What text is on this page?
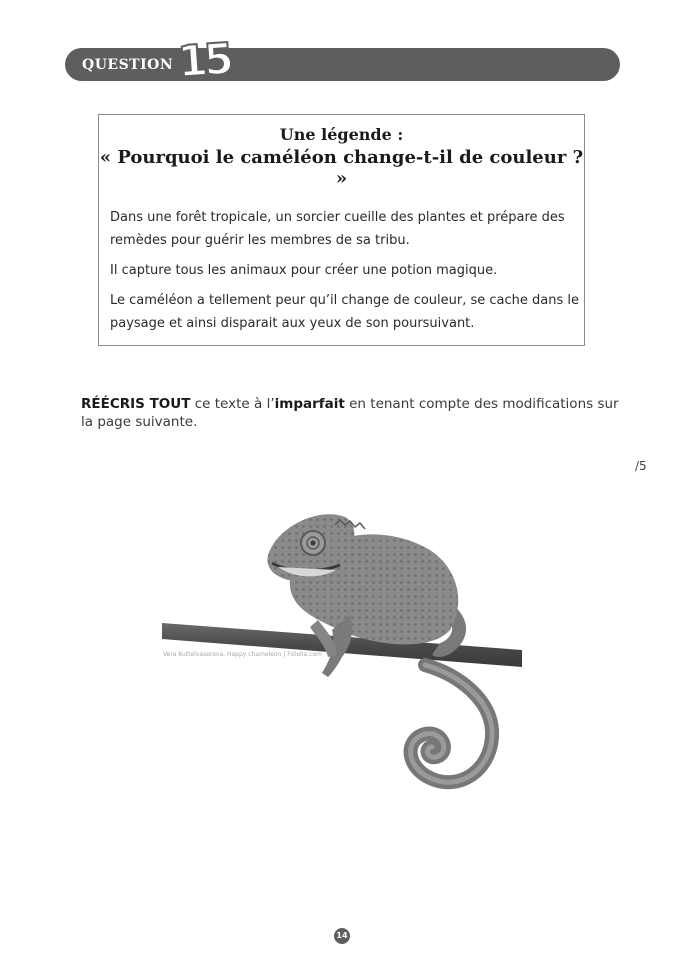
QUESTION 15
Une légende :
« Pourquoi le caméléon change-t-il de couleur ? »
Dans une forêt tropicale, un sorcier cueille des plantes et prépare des remèdes pour guérir les membres de sa tribu.
Il capture tous les animaux pour créer une potion magique.
Le caméléon a tellement peur qu’il change de couleur, se cache dans le paysage et ainsi disparait aux yeux de son poursuivant.
RÉÉCRIS TOUT ce texte à l’imparfait en tenant compte des modifications sur la page suivante.
/5
Vera Kuttelvaserova, Happy chameleon | Fotolia.com
14
